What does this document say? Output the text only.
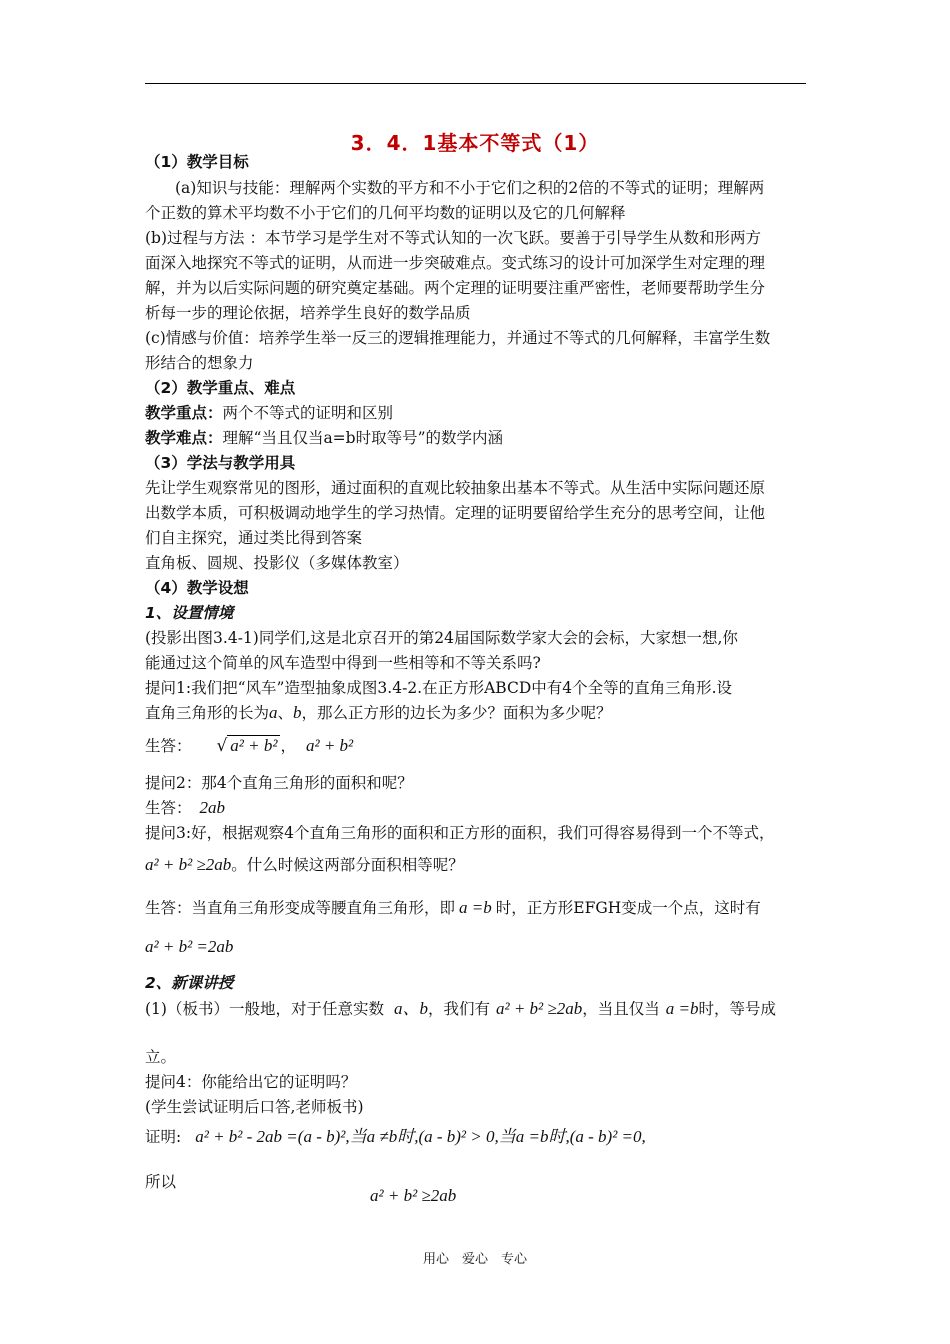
3．4．1基本不等式（1）
（1）教学目标
(a)知识与技能：理解两个实数的平方和不小于它们之积的2倍的不等式的证明；理解两
个正数的算术平均数不小于它们的几何平均数的证明以及它的几何解释
(b)过程与方法 ：本节学习是学生对不等式认知的一次飞跃。要善于引导学生从数和形两方
面深入地探究不等式的证明，从而进一步突破难点。变式练习的设计可加深学生对定理的理
解，并为以后实际问题的研究奠定基础。两个定理的证明要注重严密性，老师要帮助学生分
析每一步的理论依据，培养学生良好的数学品质
(c)情感与价值：培养学生举一反三的逻辑推理能力，并通过不等式的几何解释，丰富学生数
形结合的想象力
（2）教学重点、难点
教学重点：两个不等式的证明和区别
教学难点：理解“当且仅当a=b时取等号”的数学内涵
（3）学法与教学用具
先让学生观察常见的图形，通过面积的直观比较抽象出基本不等式。从生活中实际问题还原
出数学本质，可积极调动地学生的学习热情。定理的证明要留给学生充分的思考空间，让他
们自主探究，通过类比得到答案
直角板、圆规、投影仪（多媒体教室）
（4）教学设想
1、设置情境
(投影出图3.4-1)同学们,这是北京召开的第24届国际数学家大会的会标，大家想一想,你
能通过这个简单的风车造型中得到一些相等和不等关系吗?
提问1:我们把“风车”造型抽象成图3.4-2.在正方形ABCD中有4个全等的直角三角形.设
直角三角形的长为a、b，那么正方形的边长为多少？面积为多少呢？
生答： √ a² + b² ， a² + b²
提问2：那4个直角三角形的面积和呢？
生答： 2ab
提问3:好，根据观察4个直角三角形的面积和正方形的面积，我们可得容易得到一个不等式，
a² + b² ≥2ab。什么时候这两部分面积相等呢？
生答：当直角三角形变成等腰直角三角形，即 a =b 时，正方形EFGH变成一个点，这时有
a² + b² =2ab
2、新课讲授
(1)（板书）一般地，对于任意实数 a、b，我们有 a² + b² ≥2ab，当且仅当 a =b时，等号成
立。
提问4：你能给出它的证明吗？
(学生尝试证明后口答,老师板书)
证明: a² + b² - 2ab =(a - b)²,当a ≠b时,(a - b)² > 0,当a =b时,(a - b)² =0,
所以
a² + b² ≥2ab
用心　爱心　专心
